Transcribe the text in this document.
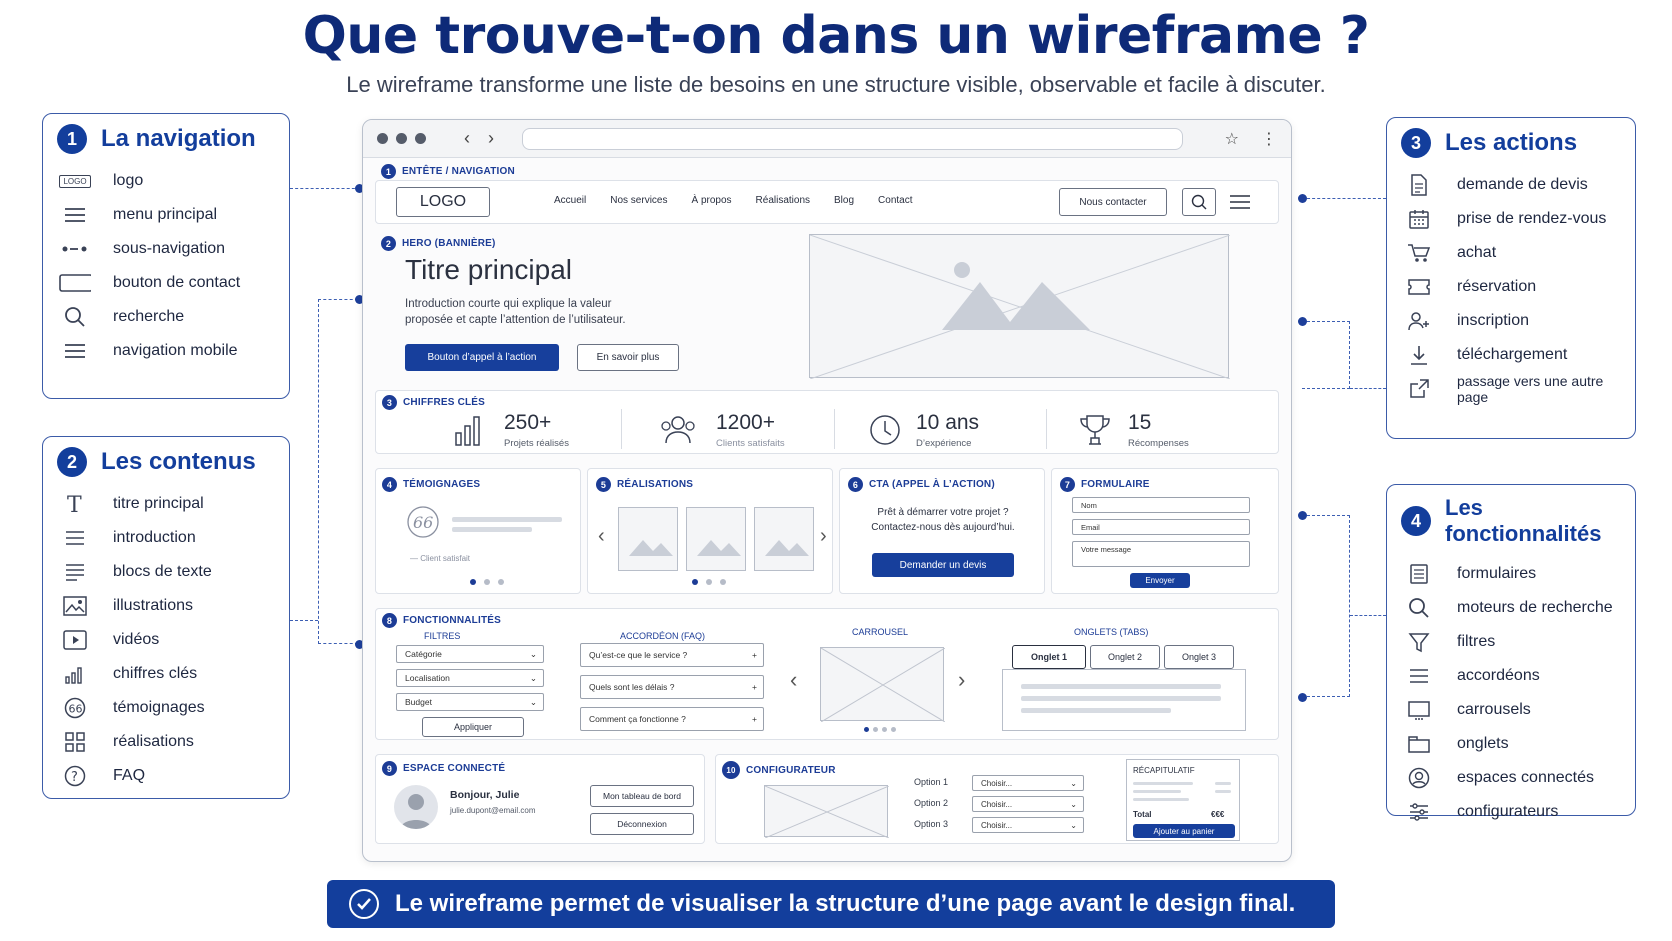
Que trouve-t-on dans un wireframe ?
Le wireframe transforme une liste de besoins en une structure visible, observable et facile à discuter.
1	La navigation
LOGO logo
menu principal
sous-navigation
bouton de contact
recherche
navigation mobile
2	Les contenus
T titre principal
introduction
blocs de texte
illustrations
vidéos
chiffres clés
66 témoignages
réalisations
? FAQ
3	Les actions
demande de devis
prise de rendez-vous
achat
réservation
inscription
téléchargement
passage vers une autre page
4
Les fonctionnalités
formulaires
moteurs de recherche
filtres
accordéons
carrousels
onglets
espaces connectés
configurateurs
‹ ›	☆ ⋮
1	ENTÊTE / NAVIGATION
LOGO	Accueil Nos services À propos Réalisations Blog Contact	Nous contacter
2	HERO (BANNIÈRE)
Titre principal
Introduction courte qui explique la valeur
proposée et capte l’attention de l’utilisateur.
Bouton d’appel à l’action	En savoir plus
3	CHIFFRES CLÉS
250+
Projets réalisés
1200+
Clients satisfaits
10 ans
D’expérience
15
Récompenses
4	TÉMOIGNAGES
66
— Client satisfait
5	RÉALISATIONS
‹	›
6	CTA (APPEL À L’ACTION)
Prêt à démarrer votre projet ?
Contactez-nous dès aujourd’hui.
Demander un devis
7	FORMULAIRE
Nom
Email
Votre message
Envoyer
8	FONCTIONNALITÉS
FILTRES
Catégorie	⌄
Localisation	⌄
Budget	⌄
Appliquer
ACCORDÉON (FAQ)
Qu’est-ce que le service ?	+
Quels sont les délais ?	+
Comment ça fonctionne ?	+
CARROUSEL
‹	›
ONGLETS (TABS)
Onglet 1	Onglet 2	Onglet 3
9	ESPACE CONNECTÉ
Bonjour, Julie
julie.dupont@email.com
Mon tableau de bord
Déconnexion
10	CONFIGURATEUR
Option 1
Option 2
Option 3
Choisir...	⌄
Choisir...	⌄
Choisir...	⌄
RÉCAPITULATIF
Total	€€€
Ajouter au panier
Le wireframe permet de visualiser la structure d’une page avant le design final.
